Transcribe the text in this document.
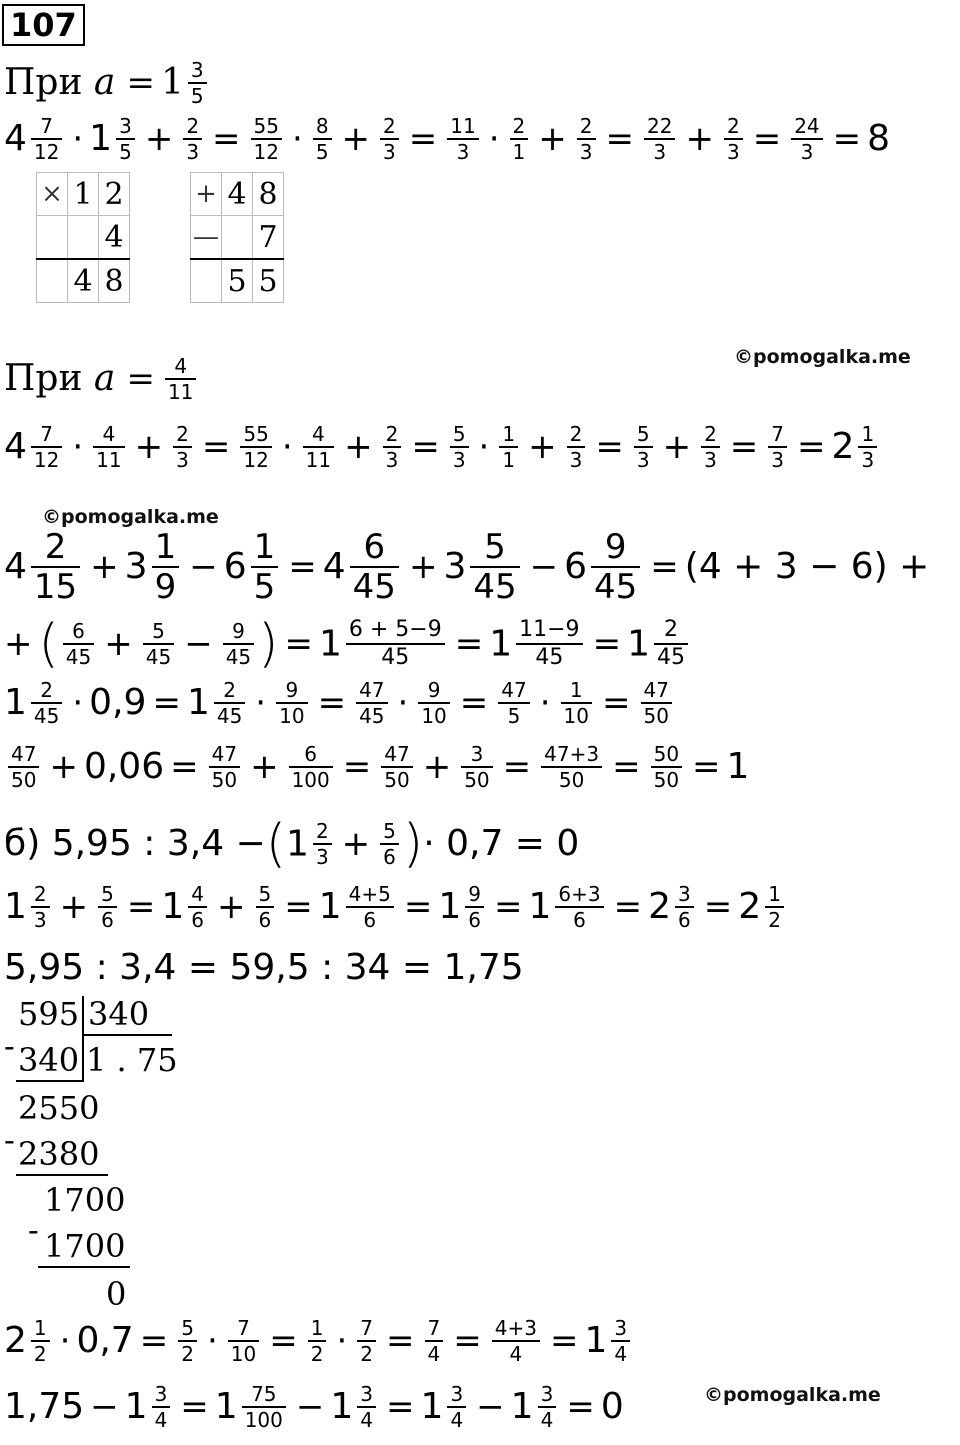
107
При $a = 1 \frac{3}{5}$
$4 \frac{7}{12} \cdot 1 \frac{3}{5} + \frac{2}{3} = \frac{55}{12} \cdot \frac{8}{5} + \frac{2}{3} = \frac{11}{3} \cdot \frac{2}{1} + \frac{2}{3} = \frac{22}{3} + \frac{2}{3} = \frac{24}{3} = 8$
×	1	2
		4
	4	8
+	4	8
—		7
	5	5
©pomogalka.me
При $a = \frac{4}{11}$
$4 \frac{7}{12} \cdot \frac{4}{11} + \frac{2}{3} = \frac{55}{12} \cdot \frac{4}{11} + \frac{2}{3} = \frac{5}{3} \cdot \frac{1}{1} + \frac{2}{3} = \frac{5}{3} + \frac{2}{3} = \frac{7}{3} = 2 \frac{1}{3}$
©pomogalka.me
$4 \frac{2}{15} + 3 \frac{1}{9} - 6 \frac{1}{5} = 4 \frac{6}{45} + 3 \frac{5}{45} - 6 \frac{9}{45} = (4 + 3 - 6)$ +
+ ( $\frac{6}{45} + \frac{5}{45} - \frac{9}{45}$ ) = $1 \frac{6 + 5-9}{45} = 1 \frac{11-9}{45} = 1 \frac{2}{45}$
$1 \frac{2}{45} \cdot 0,9 = 1 \frac{2}{45} \cdot \frac{9}{10} = \frac{47}{45} \cdot \frac{9}{10} = \frac{47}{5} \cdot \frac{1}{10} = \frac{47}{50}$
$\frac{47}{50} + 0,06 = \frac{47}{50} + \frac{6}{100} = \frac{47}{50} + \frac{3}{50} = \frac{47+3}{50} = \frac{50}{50} = 1$
б) 5,95 : $3,4 -(1 \frac{2}{3} + \frac{5}{6}$ )· 0,7 = 0
$1 \frac{2}{3} + \frac{5}{6} = 1 \frac{4}{6} + \frac{5}{6} = 1 \frac{4+5}{6} = 1 \frac{9}{6} = 1 \frac{6+3}{6} = 2 \frac{3}{6} = 2 \frac{1}{2}$
5,95 : 3,4 = 59,5 : 34 = 1,75
595 340
- 340 1 . 75
2550
- 2380
1700
- 1700
0
$2 \frac{1}{2} \cdot 0,7 = \frac{5}{2} \cdot \frac{7}{10} = \frac{1}{2} \cdot \frac{7}{2} = \frac{7}{4} = \frac{4+3}{4} = 1 \frac{3}{4}$
©pomogalka.me
$1,75 - 1 \frac{3}{4} = 1 \frac{75}{100} - 1 \frac{3}{4} = 1 \frac{3}{4} - 1 \frac{3}{4} = 0$
